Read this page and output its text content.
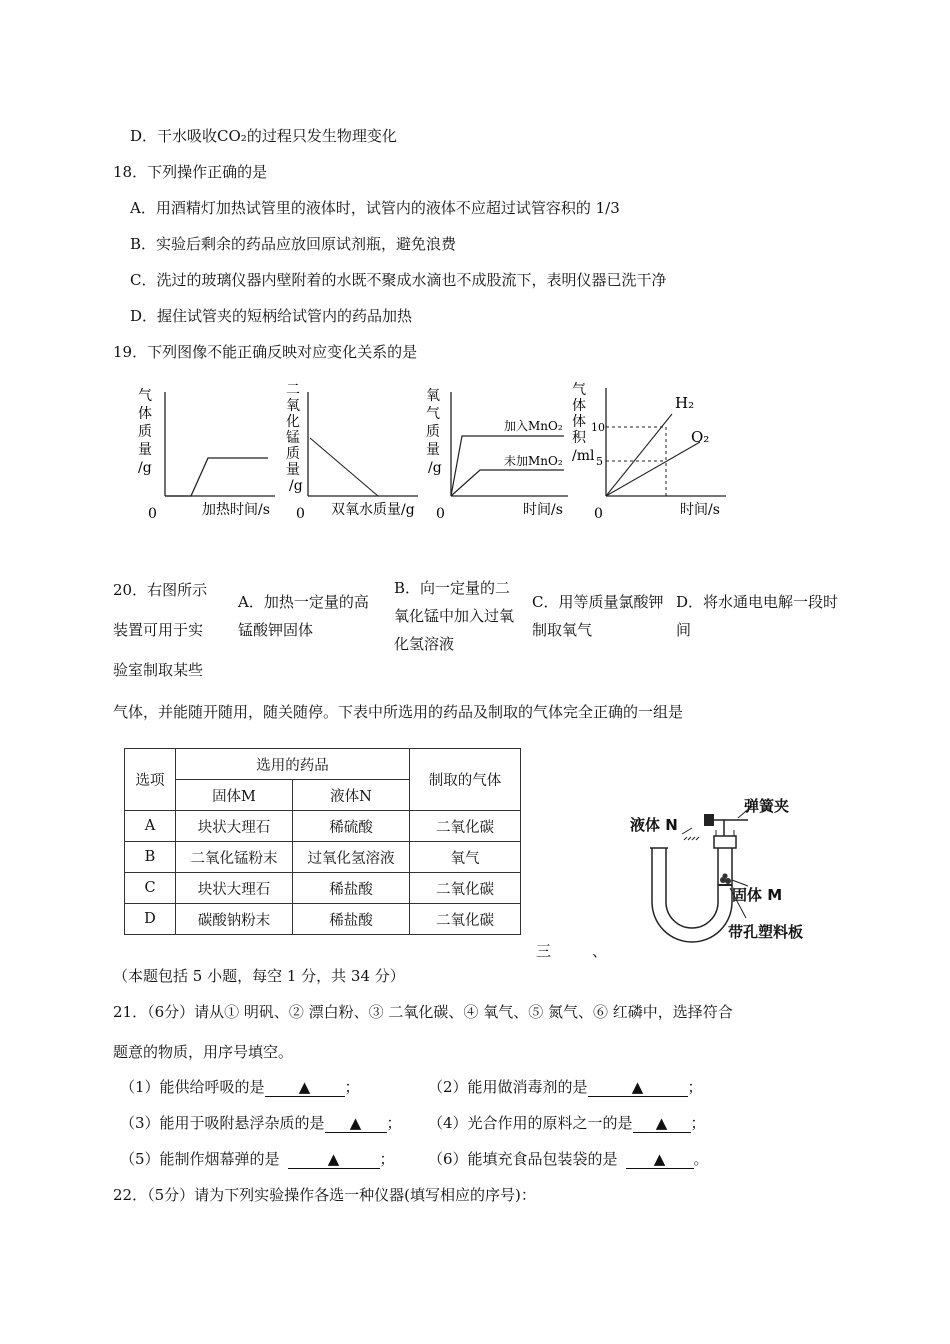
D．干水吸收CO₂的过程只发生物理变化
18．下列操作正确的是
A．用酒精灯加热试管里的液体时，试管内的液体不应超过试管容积的 1/3
B．实验后剩余的药品应放回原试剂瓶，避免浪费
C．洗过的玻璃仪器内壁附着的水既不聚成水滴也不成股流下，表明仪器已洗干净
D．握住试管夹的短柄给试管内的药品加热
19．下列图像不能正确反映对应变化关系的是
气体质量/g
0	加热时间/s
二氧化锰质量/g
0 双氧水质量/g
氧气质量/g
加入MnO₂
未加MnO₂
0	时间/s
气体体积/ml
10
5
H₂
O₂
0	时间/s
20．右图所示
装置可用于实
验室制取某些
A．加热一定量的高锰酸钾固体
B．向一定量的二氧化锰中加入过氧化氢溶液
C．用等质量氯酸钾制取氧气
D．将水通电电解一段时间
气体，并能随开随用，随关随停。下表中所选用的药品及制取的气体完全正确的一组是
选项	选用的药品		制取的气体
	固体M	液体N	
A	块状大理石	稀硫酸	二氧化碳
B	二氧化锰粉末	过氧化氢溶液	氧气
C	块状大理石	稀盐酸	二氧化碳
D	碳酸钠粉末	稀盐酸	二氧化碳
弹簧夹
液体 N
固体 M
带孔塑料板
三	、
（本题包括 5 小题，每空 1 分，共 34 分）
21．（6分）请从① 明矾、② 漂白粉、③ 二氧化碳、④ 氧气、⑤ 氮气、⑥ 红磷中，选择符合
题意的物质，用序号填空。
（1）能供给呼吸的是 ▲ ；	（2）能用做消毒剂的是	▲	；
（3）能用于吸附悬浮杂质的是 ▲ ； （4）光合作用的原料之一的是 ▲ ；
（5）能制作烟幕弹的是	▲	； （6）能填充食品包装袋的是 ▲ 。
22．（5分）请为下列实验操作各选一种仪器(填写相应的序号)：
